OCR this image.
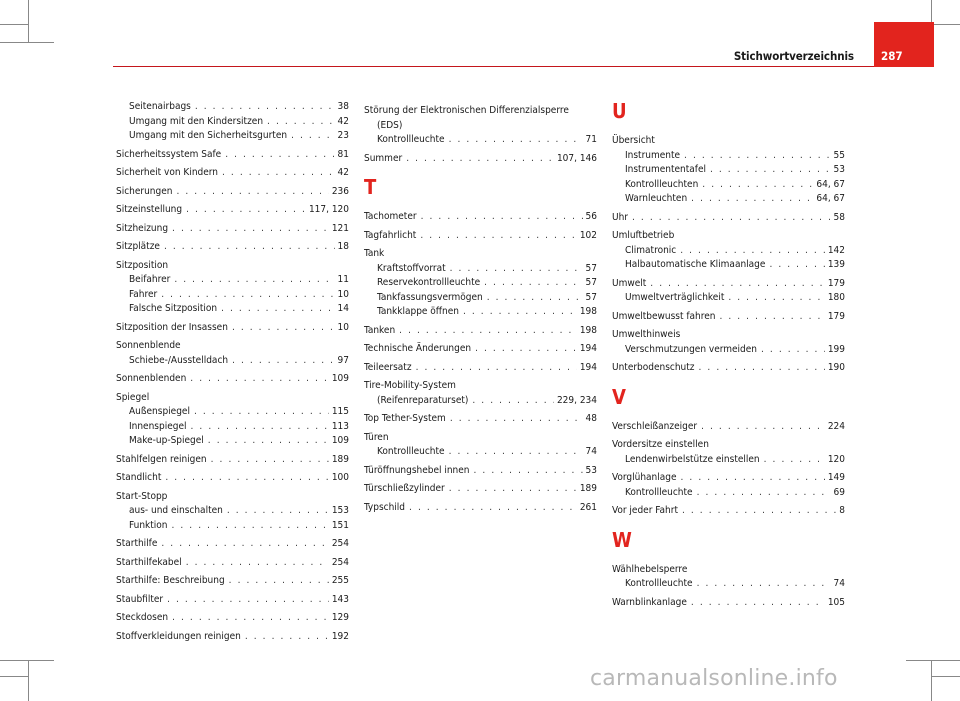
Stichwortverzeichnis 287
Seitenairbags . . .	38
Umgang mit den Kindersitzen . . .	42
Umgang mit den Sicherheitsgurten . . .	23
Sicherheitssystem Safe . . .	81
Sicherheit von Kindern . . .	42
Sicherungen . . .	236
Sitzeinstellung . . .	117, 120
Sitzheizung . . .	121
Sitzplätze . . .	18
Sitzposition
Beifahrer . . .	11
Fahrer . . .	10
Falsche Sitzposition . . .	14
Sitzposition der Insassen . . .	10
Sonnenblende
Schiebe-/Ausstelldach . . .	97
Sonnenblenden . . .	109
Spiegel
Außenspiegel . . .	115
Innenspiegel . . .	113
Make-up-Spiegel . . .	109
Stahlfelgen reinigen . . .	189
Standlicht . . .	100
Start-Stopp
aus- und einschalten . . .	153
Funktion . . .	151
Starthilfe . . .	254
Starthilfekabel . . .	254
Starthilfe: Beschreibung . . .	255
Staubfilter . . .	143
Steckdosen . . .	129
Stoffverkleidungen reinigen . . .	192
Störung der Elektronischen Differenzialsperre
(EDS)
Kontrollleuchte . . .	71
Summer . . .	107, 146
T
Tachometer . . .	56
Tagfahrlicht . . .	102
Tank
Kraftstoffvorrat . . .	57
Reservekontrollleuchte . . .	57
Tankfassungsvermögen . . .	57
Tankklappe öffnen . . .	198
Tanken . . .	198
Technische Änderungen . . .	194
Teileersatz . . .	194
Tire-Mobility-System
(Reifenreparaturset) . . .	229, 234
Top Tether-System . . .	48
Türen
Kontrollleuchte . . .	74
Türöffnungshebel innen . . .	53
Türschließzylinder . . .	189
Typschild . . .	261
U
Übersicht
Instrumente . . .	55
Instrumententafel . . .	53
Kontrollleuchten . . .	64, 67
Warnleuchten . . .	64, 67
Uhr . . .	58
Umluftbetrieb
Climatronic . . .	142
Halbautomatische Klimaanlage . . .	139
Umwelt . . .	179
Umweltverträglichkeit . . .	180
Umweltbewusst fahren . . .	179
Umwelthinweis
Verschmutzungen vermeiden . . .	199
Unterbodenschutz . . .	190
V
Verschleißanzeiger . . .	224
Vordersitze einstellen
Lendenwirbelstütze einstellen . . .	120
Vorglühanlage . . .	149
Kontrollleuchte . . .	69
Vor jeder Fahrt . . .	8
W
Wählhebelsperre
Kontrollleuchte . . .	74
Warnblinkanlage . . .	105
carmanualsonline.info
